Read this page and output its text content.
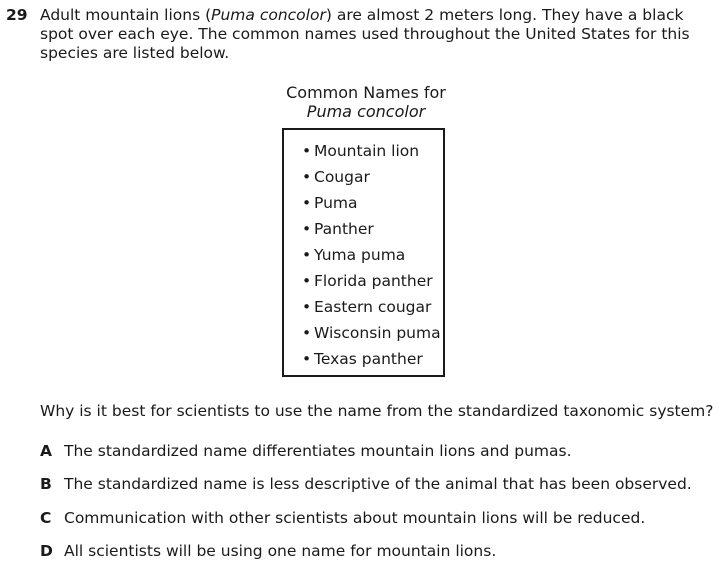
29 Adult mountain lions (Puma concolor) are almost 2 meters long. They have a black spot over each eye. The common names used throughout the United States for this species are listed below.
Common Names for
Puma concolor
• Mountain lion
• Cougar
• Puma
• Panther
• Yuma puma
• Florida panther
• Eastern cougar
• Wisconsin puma
• Texas panther
Why is it best for scientists to use the name from the standardized taxonomic system?
A The standardized name differentiates mountain lions and pumas.
B The standardized name is less descriptive of the animal that has been observed.
C Communication with other scientists about mountain lions will be reduced.
D All scientists will be using one name for mountain lions.
